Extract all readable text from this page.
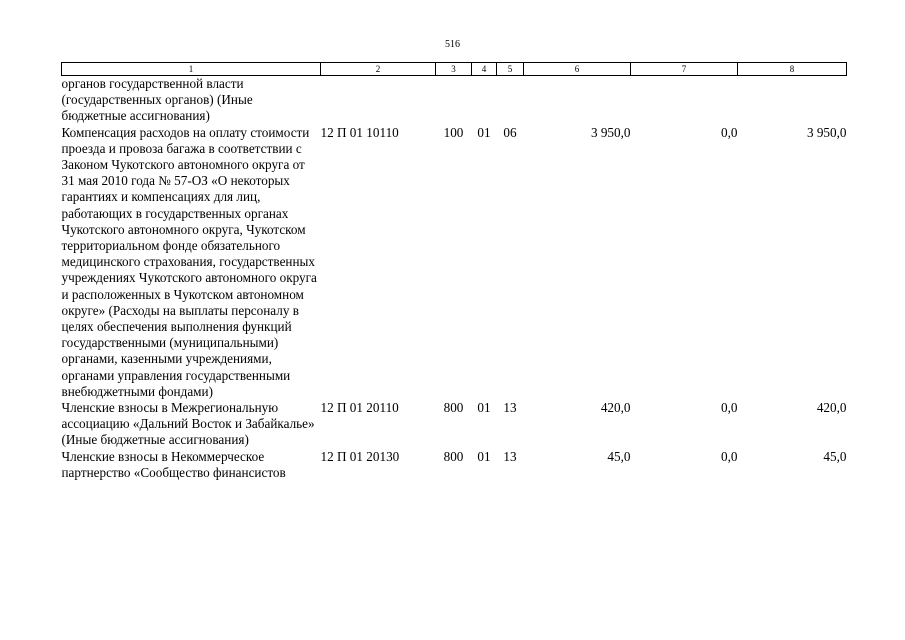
516
1	2	3	4	5	6	7	8
органов государственной власти (государственных органов) (Иные бюджетные ассигнования)							
Компенсация расходов на оплату стоимости проезда и провоза багажа в соответствии с Законом Чукотского автономного округа от 31 мая 2010 года № 57-ОЗ «О некоторых гарантиях и компенсациях для лиц, работающих в государственных органах Чукотского автономного округа, Чукотском территориальном фонде обязательного медицинского страхования, государственных учреждениях Чукотского автономного округа и расположенных в Чукотском автономном округе» (Расходы на выплаты персоналу в целях обеспечения выполнения функций государственными (муниципальными) органами, казенными учреждениями, органами управления государственными внебюджетными фондами)	12 П 01 10110	100	01	06	3 950,0	0,0	3 950,0
Членские взносы в Межрегиональную ассоциацию «Дальний Восток и Забайкалье» (Иные бюджетные ассигнования)	12 П 01 20110	800	01	13	420,0	0,0	420,0
Членские взносы в Некоммерческое партнерство «Сообщество финансистов	12 П 01 20130	800	01	13	45,0	0,0	45,0
